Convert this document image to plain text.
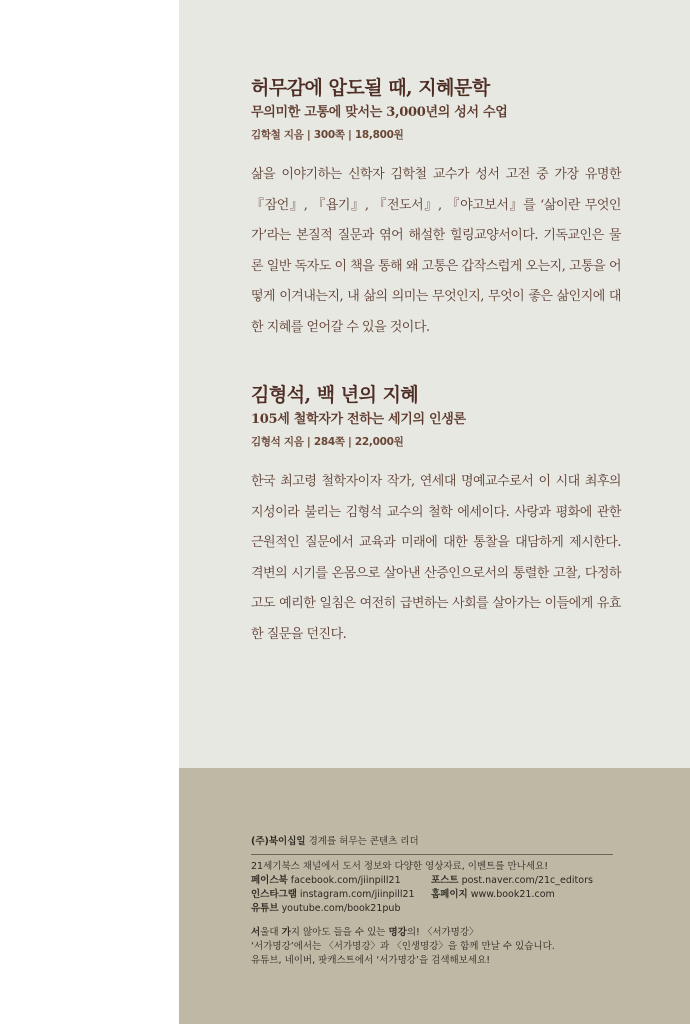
허무감에 압도될 때, 지혜문학
무의미한 고통에 맞서는 3,000년의 성서 수업
김학철 지음 | 300쪽 | 18,800원
삶을 이야기하는 신학자 김학철 교수가 성서 고전 중 가장 유명한 『잠언』, 『욥기』, 『전도서』, 『야고보서』를 ‘삶이란 무엇인가’라는 본질적 질문과 엮어 해설한 힐링교양서이다. 기독교인은 물론 일반 독자도 이 책을 통해 왜 고통은 갑작스럽게 오는지, 고통을 어떻게 이겨내는지, 내 삶의 의미는 무엇인지, 무엇이 좋은 삶인지에 대한 지혜를 얻어갈 수 있을 것이다.
김형석, 백 년의 지혜
105세 철학자가 전하는 세기의 인생론
김형석 지음 | 284쪽 | 22,000원
한국 최고령 철학자이자 작가, 연세대 명예교수로서 이 시대 최후의 지성이라 불리는 김형석 교수의 철학 에세이다. 사랑과 평화에 관한 근원적인 질문에서 교육과 미래에 대한 통찰을 대담하게 제시한다. 격변의 시기를 온몸으로 살아낸 산증인으로서의 통렬한 고찰, 다정하고도 예리한 일침은 여전히 급변하는 사회를 살아가는 이들에게 유효한 질문을 던진다.
(주)북이십일 경계를 허무는 콘텐츠 리더
21세기북스 채널에서 도서 정보와 다양한 영상자료, 이벤트를 만나세요!
페이스북 facebook.com/jiinpill21	포스트 post.naver.com/21c_editors
인스타그램 instagram.com/jiinpill21	홈페이지 www.book21.com
유튜브 youtube.com/book21pub
서울대 가지 않아도 들을 수 있는 명강의! 〈서가명강〉
‘서가명강’에서는 〈서가명강〉과 〈인생명강〉을 함께 만날 수 있습니다.
유튜브, 네이버, 팟캐스트에서 ‘서가명강’을 검색해보세요!
